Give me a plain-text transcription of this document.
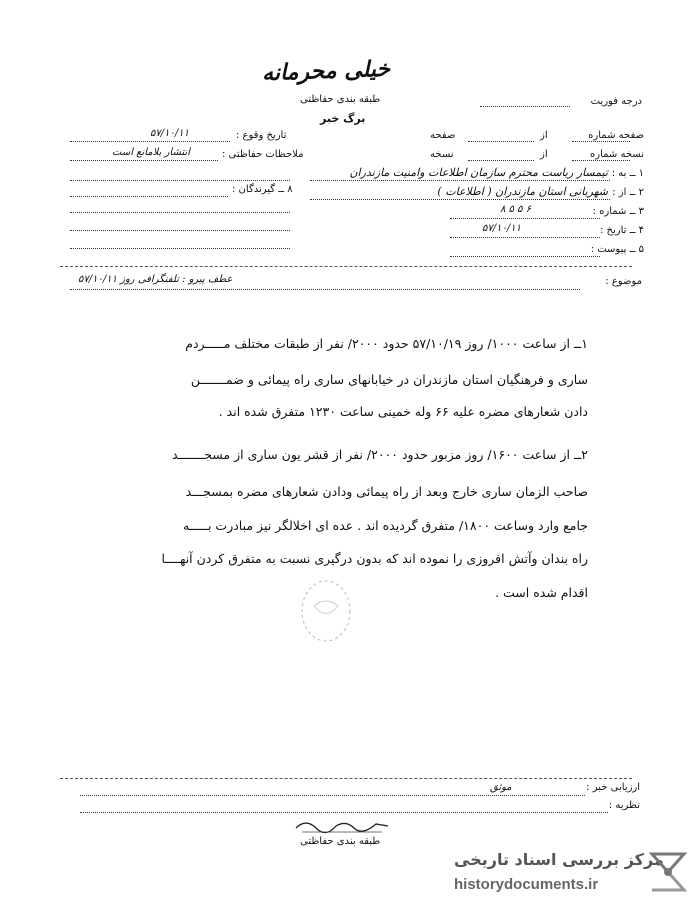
خیلی محرمانه
طبقه بندی حفاظتی	درجه فوریت
برگ خبر
صفحه شماره
از
صفحه
نسخه شماره
از
نسخه
۱ ــ به :
تیمسار ریاست محترم سازمان اطلاعات وامنیت مازندران
۲ ــ از :
شهربانی استان مازندران ( اطلاعات )
۳ ــ شماره :
۸ ۵ ۵ ۶
۴ ــ تاریخ :
۵۷/۱۰/۱۱
۵ ــ پیوست :
تاریخ وقوع :
۵۷/۱۰/۱۱
ملاحظات حفاظتی :
انتشار بلامانع است
۸ ــ گیرندگان :
موضوع :
عطف پیرو : تلفنگرافی روز ۵۷/۱۰/۱۱
۱ــ از ساعت ۱۰۰۰/ روز ۵۷/۱۰/۱۹ حدود ۲۰۰۰/ نفر از طبقات مختلف مـــــردم
ساری و فرهنگیان استان مازندران در خیابانهای ساری راه پیمائی و ضمـــــــن
دادن شعارهای مضره علیه ۶۶ وله خمینی ساعت ۱۲۳۰ متفرق شده اند .
۲ــ از ساعت ۱۶۰۰/ روز مزبور حدود ۲۰۰۰/ نفر از قشر یون ساری از مسجـــــــد
صاحب الزمان ساری خارج وبعد از راه پیمائی ودادن شعارهای مضره بمسجـــد
جامع وارد وساعت ۱۸۰۰/ متفرق گردیده اند . عده ای اخلالگر نیز مبادرت بـــــه
راه بندان وآتش افروزی را نموده اند که بدون درگیری نسبت به متفرق کردن آنهــــا
اقدام شده است .
ارزیابی خبر :
موثق
نظریه :
طبقه بندی حفاظتی
مرکز بررسی اسناد تاریخی
historydocuments.ir
